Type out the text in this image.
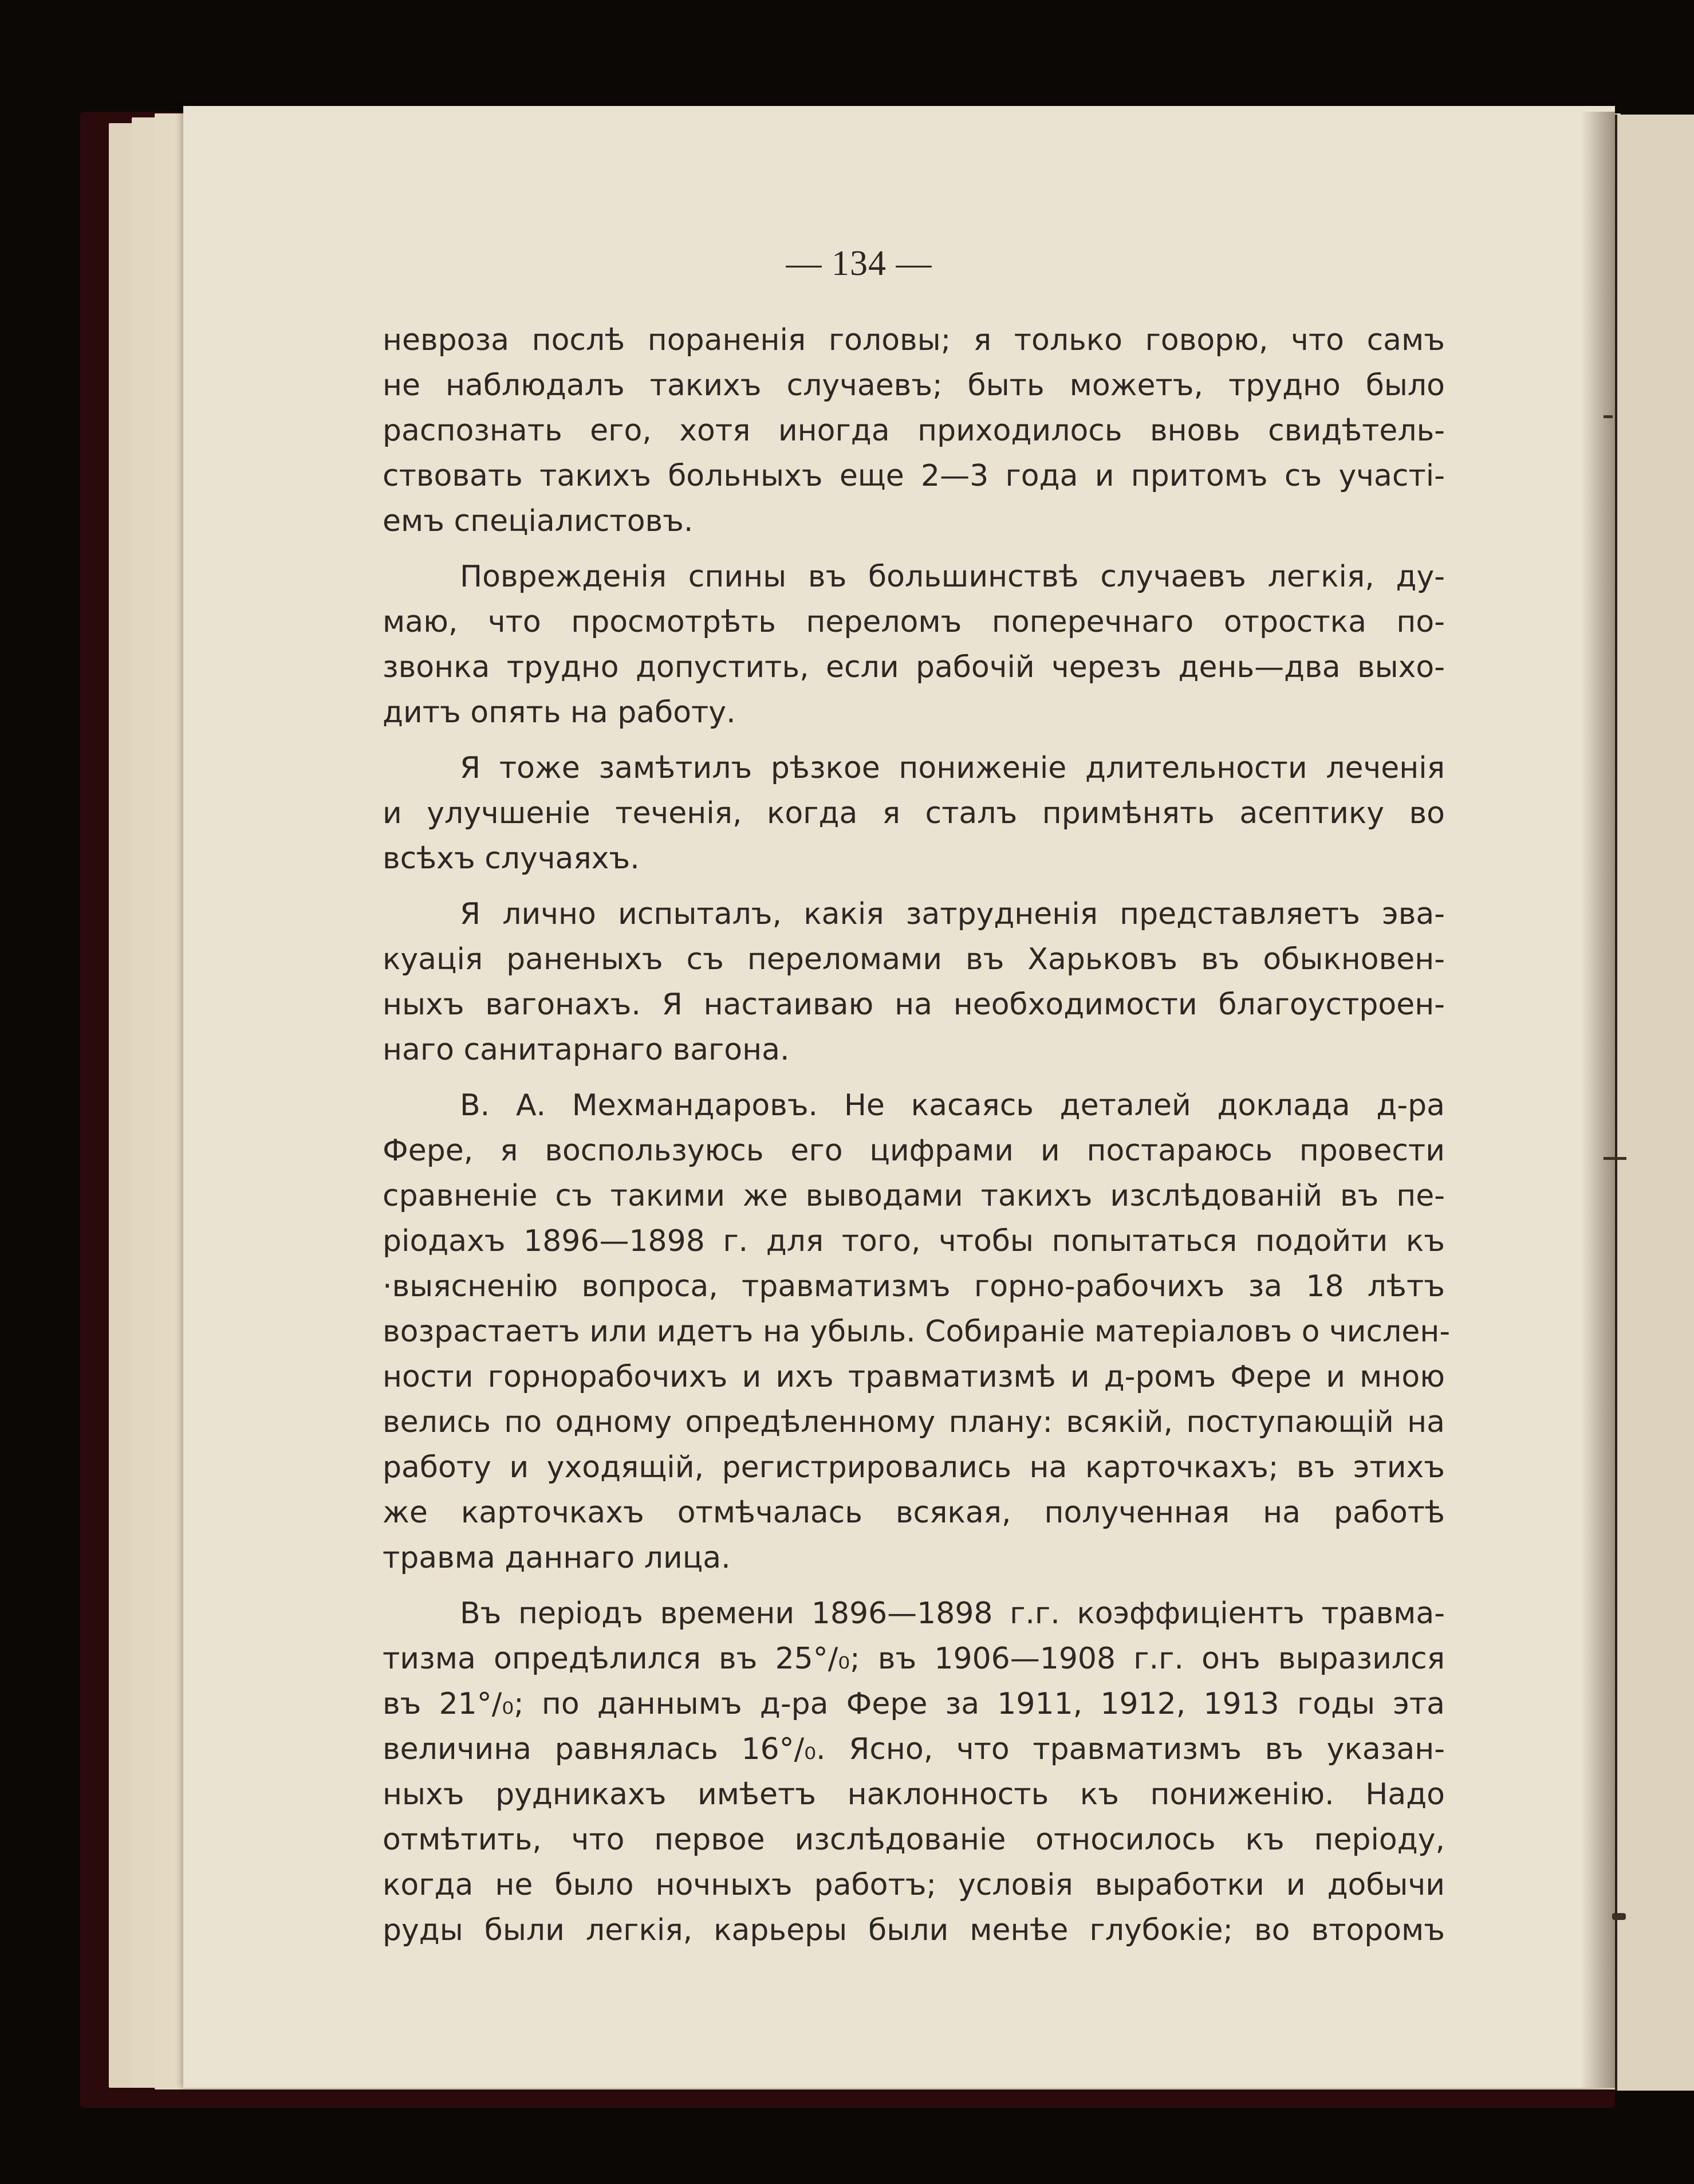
— 134 —
невроза послѣ пораненія головы; я только говорю, что самъ
не наблюдалъ такихъ случаевъ; быть можетъ, трудно было
распознать его, хотя иногда приходилось вновь свидѣтель-
ствовать такихъ больныхъ еще 2—3 года и притомъ съ участі-
емъ спеціалистовъ.
Поврежденія спины въ большинствѣ случаевъ легкія, ду-
маю, что просмотрѣть переломъ поперечнаго отростка по-
звонка трудно допустить, если рабочій черезъ день—два выхо-
дитъ опять на работу.
Я тоже замѣтилъ рѣзкое пониженіе длительности леченія
и улучшеніе теченія, когда я сталъ примѣнять асептику во
всѣхъ случаяхъ.
Я лично испыталъ, какія затрудненія представляетъ эва-
куація раненыхъ съ переломами въ Харьковъ въ обыкновен-
ныхъ вагонахъ. Я настаиваю на необходимости благоустроен-
наго санитарнаго вагона.
В. А. Мехмандаровъ. Не касаясь деталей доклада д-ра
Фере, я воспользуюсь его цифрами и постараюсь провести
сравненіе съ такими же выводами такихъ изслѣдованій въ пе-
ріодахъ 1896—1898 г. для того, чтобы попытаться подойти къ
·выясненію вопроса, травматизмъ горно-рабочихъ за 18 лѣтъ
возрастаетъ или идетъ на убыль. Собираніе матеріаловъ о числен-
ности горнорабочихъ и ихъ травматизмѣ и д-ромъ Фере и мною
велись по одному опредѣленному плану: всякій, поступающій на
работу и уходящій, регистрировались на карточкахъ; въ этихъ
же карточкахъ отмѣчалась всякая, полученная на работѣ
травма даннаго лица.
Въ періодъ времени 1896—1898 г.г. коэффиціентъ травма-
тизма опредѣлился въ 25°/₀; въ 1906—1908 г.г. онъ выразился
въ 21°/₀; по даннымъ д-ра Фере за 1911, 1912, 1913 годы эта
величина равнялась 16°/₀. Ясно, что травматизмъ въ указан-
ныхъ рудникахъ имѣетъ наклонность къ пониженію. Надо
отмѣтить, что первое изслѣдованіе относилось къ періоду,
когда не было ночныхъ работъ; условія выработки и добычи
руды были легкія, карьеры были менѣе глубокіе; во второмъ
